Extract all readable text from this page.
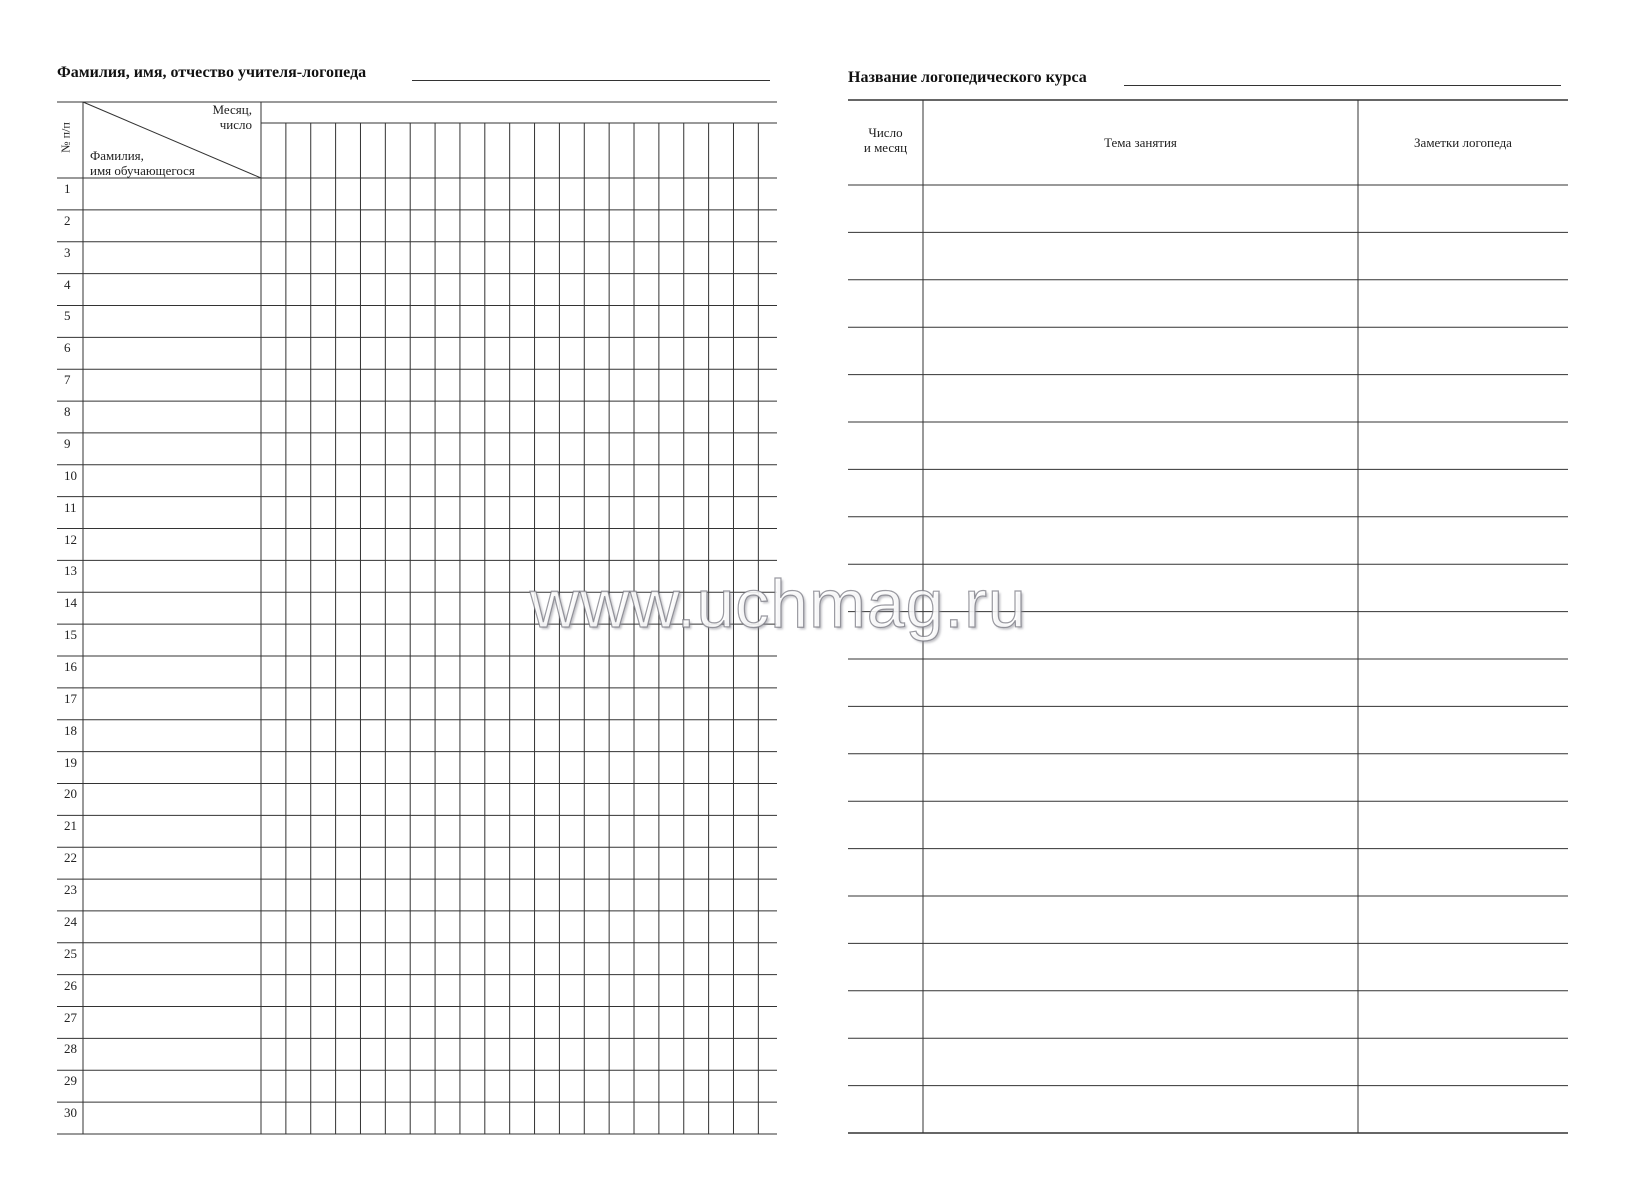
Фамилия, имя, отчество учителя-логопеда
№ п/п
Месяц,
число
Фамилия,
имя обучающегося
1
2
3
4
5
6
7
8
9
10
11
12
13
14
15
16
17
18
19
20
21
22
23
24
25
26
27
28
29
30
Название логопедического курса
Число
и месяц	Тема занятия	Заметки логопеда
www.uchmag.ru
